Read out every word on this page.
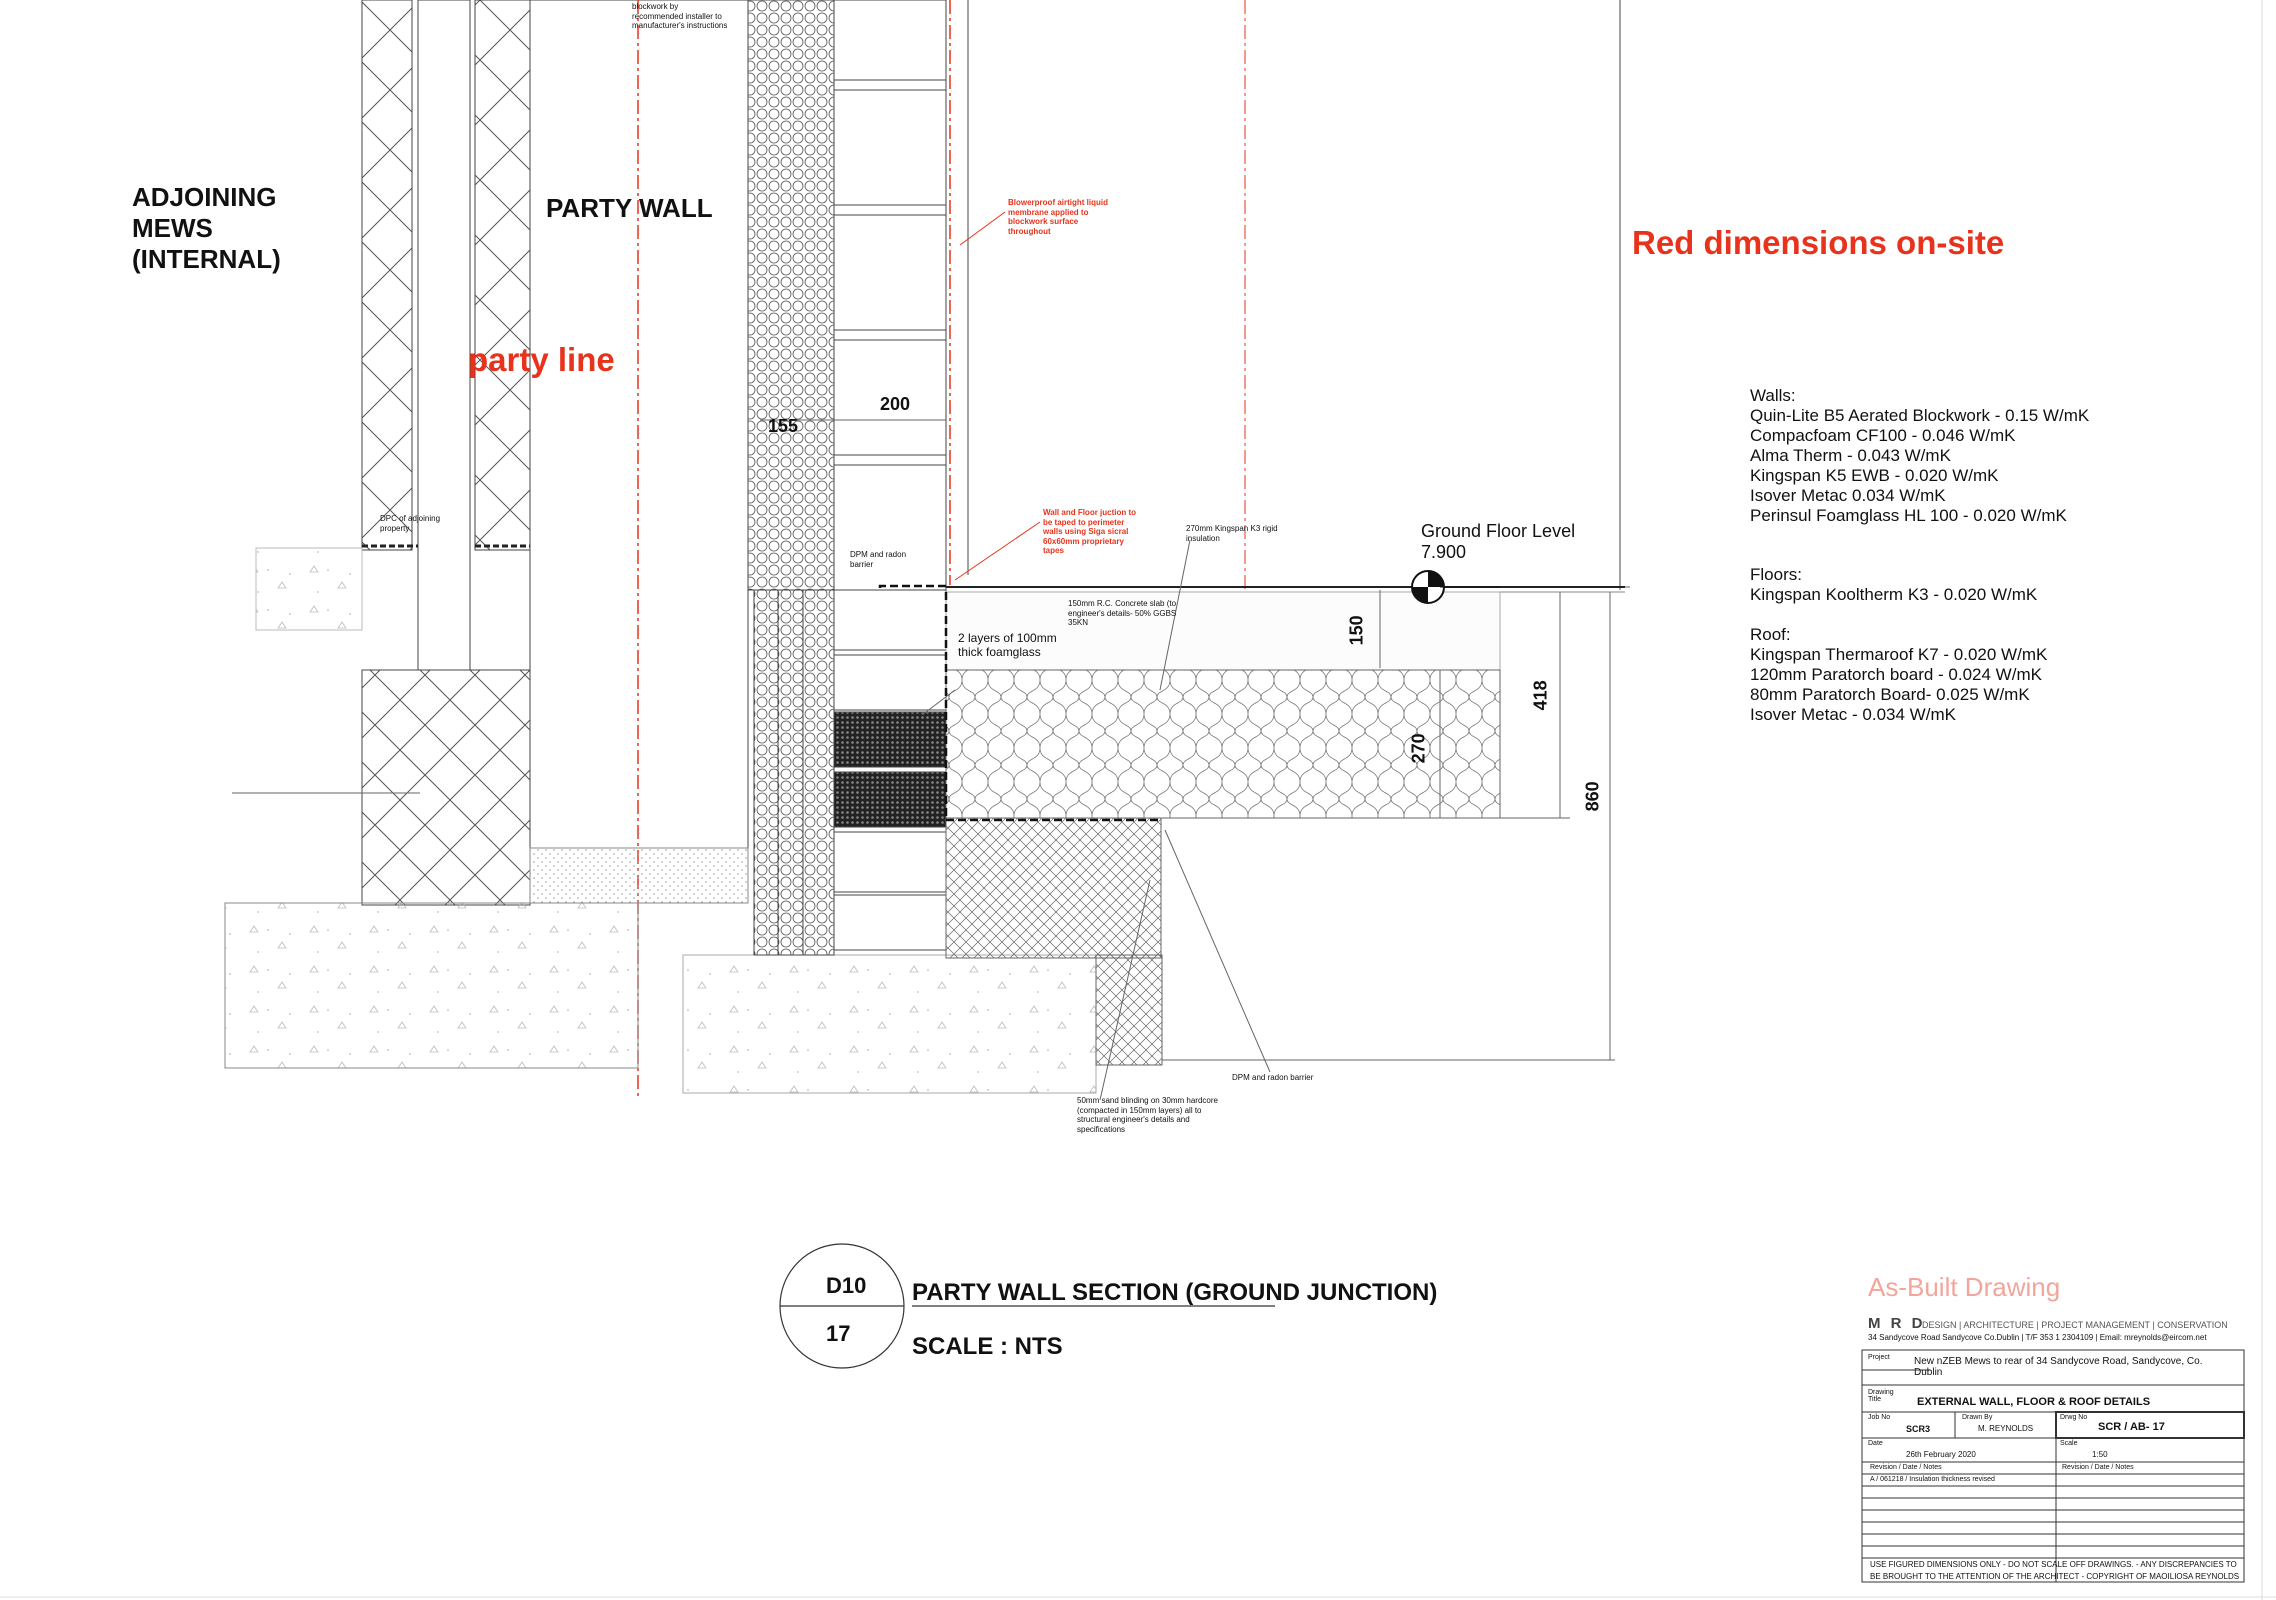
ADJOINING
MEWS
(INTERNAL)
PARTY WALL
party line
Red dimensions on-site
blockwork by
recommended installer to
manufacturer's instructions
Blowerproof airtight liquid
membrane applied to
blockwork surface
throughout
Wall and Floor juction to
be taped to perimeter
walls using Siga sicral
60x60mm proprietary
tapes
DPC of adjoining
property
DPM and radon
barrier
150mm R.C. Concrete slab (to
engineer's details- 50% GGBS
35KN
270mm Kingspan K3 rigid
insulation
2 layers of 100mm
thick foamglass
DPM and radon barrier
50mm sand blinding on 30mm hardcore
(compacted in 150mm layers) all to
structural engineer's details and
specifications
Ground Floor Level
7.900
155
200
150
270
418
860
Walls:
Quin-Lite B5 Aerated Blockwork - 0.15 W/mK
Compacfoam CF100 - 0.046 W/mK
Alma Therm - 0.043 W/mK
Kingspan K5 EWB - 0.020 W/mK
Isover Metac 0.034 W/mK
Perinsul Foamglass HL 100 - 0.020 W/mK
Floors:
Kingspan Kooltherm K3 - 0.020 W/mK
Roof:
Kingspan Thermaroof K7 - 0.020 W/mK
120mm Paratorch board - 0.024 W/mK
80mm Paratorch Board- 0.025 W/mK
Isover Metac - 0.034 W/mK
D10
17
PARTY WALL SECTION (GROUND JUNCTION)
SCALE : NTS
As-Built Drawing
M R D
DESIGN | ARCHITECTURE | PROJECT MANAGEMENT | CONSERVATION
34 Sandycove Road Sandycove Co.Dublin | T/F 353 1 2304109 | Email: mreynolds@eircom.net
Project New nZEB Mews to rear of 34 Sandycove Road, Sandycove, Co. Dublin
Drawing Title	EXTERNAL WALL, FLOOR & ROOF DETAILS
Job No
SCR3
Drawn By
M. REYNOLDS
Drwg No
SCR / AB- 17
Date
26th February 2020
Scale
1:50
Revision / Date / Notes	Revision / Date / Notes
A / 061218 / Insulation thickness revised
USE FIGURED DIMENSIONS ONLY - DO NOT SCALE OFF DRAWINGS. - ANY DISCREPANCIES TO
BE BROUGHT TO THE ATTENTION OF THE ARCHITECT - COPYRIGHT OF MAOILIOSA REYNOLDS
